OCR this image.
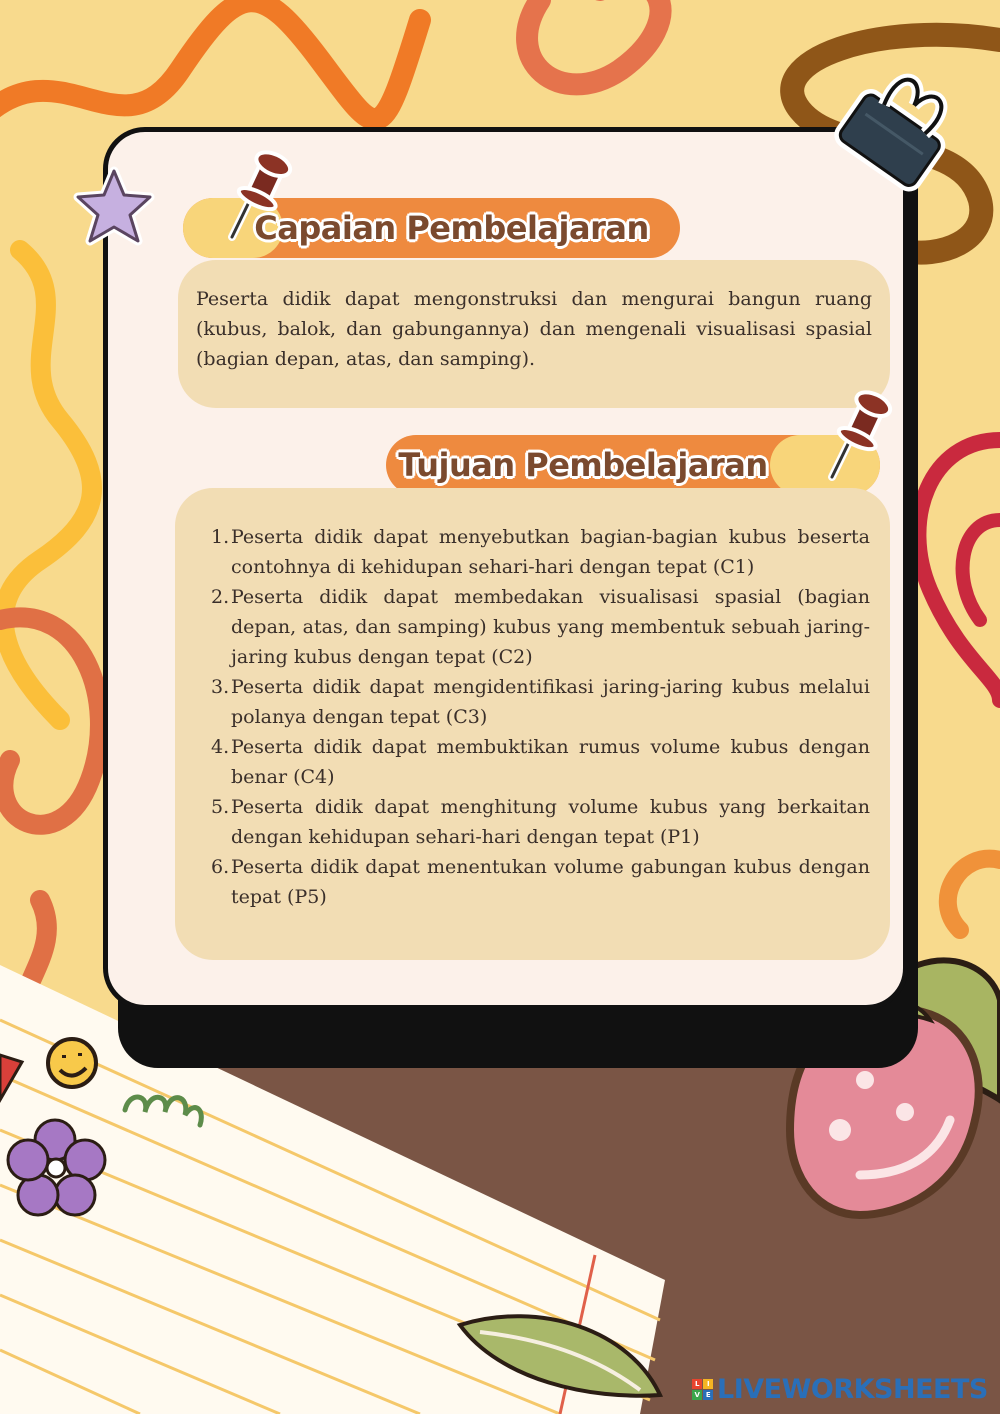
Capaian Pembelajaran

Peserta didik dapat mengonstruksi dan mengurai bangun ruang (kubus, balok, dan gabungannya) dan mengenali visualisasi spasial (bagian depan, atas, dan samping).

Tujuan Pembelajaran
1. Peserta didik dapat menyebutkan bagian-bagian kubus beserta contohnya di kehidupan sehari-hari dengan tepat (C1)
2. Peserta didik dapat membedakan visualisasi spasial (bagian depan, atas, dan samping) kubus yang membentuk sebuah jaring-jaring kubus dengan tepat (C2)
3. Peserta didik dapat mengidentifikasi jaring-jaring kubus melalui polanya dengan tepat (C3)
4. Peserta didik dapat membuktikan rumus volume kubus dengan benar (C4)
5. Peserta didik dapat menghitung volume kubus yang berkaitan dengan kehidupan sehari-hari dengan tepat (P1)
6. Peserta didik dapat menentukan volume gabungan kubus dengan tepat (P5)
L	I
V E LIVEWORKSHEETS
